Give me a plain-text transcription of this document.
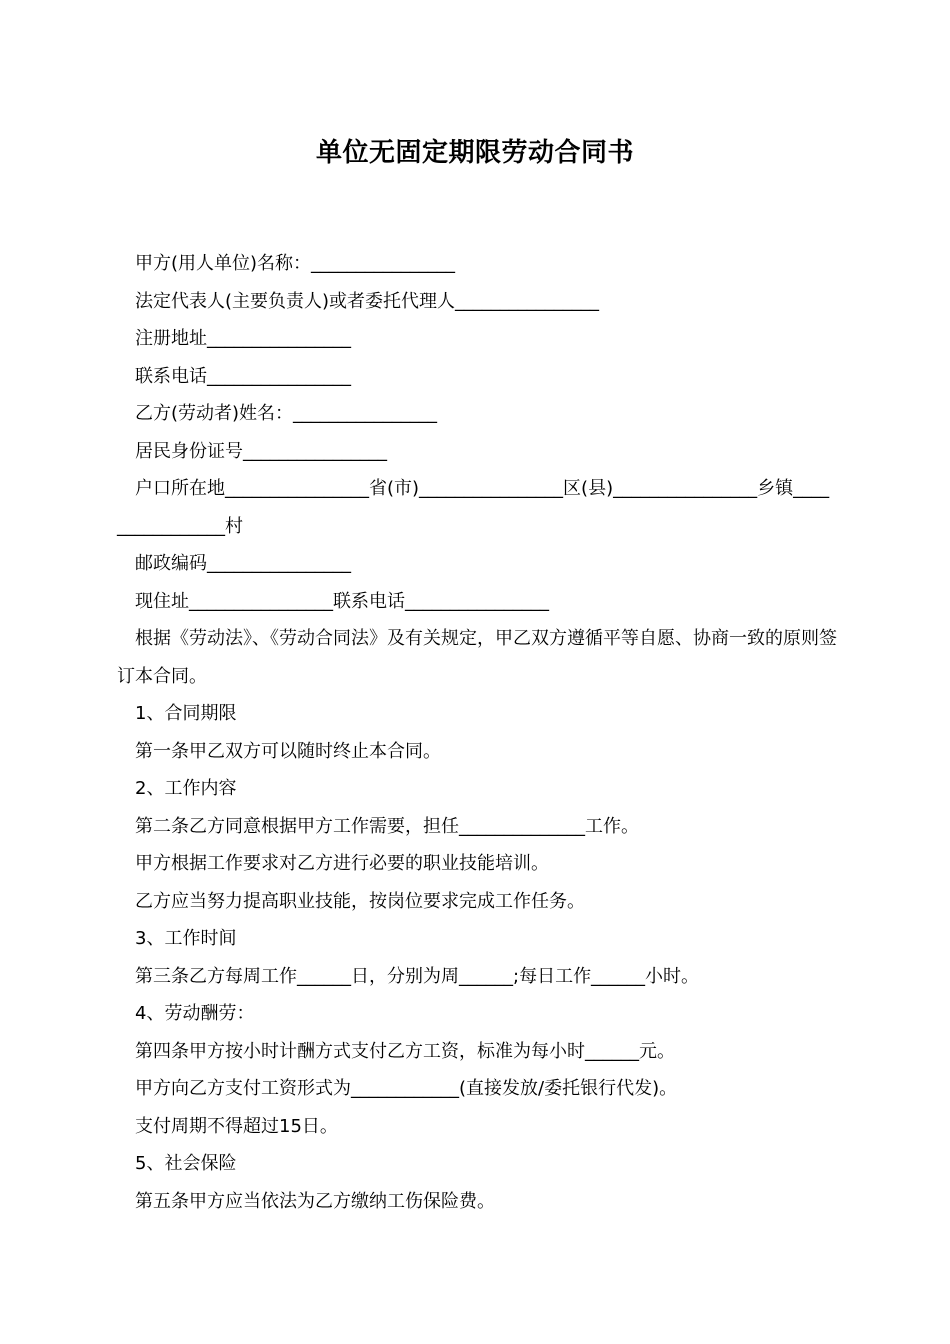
单位无固定期限劳动合同书

甲方(用人单位)名称：________________

法定代表人(主要负责人)或者委托代理人________________

注册地址________________

联系电话________________

乙方(劳动者)姓名：________________

居民身份证号________________

户口所在地________________省(市)________________区(县)________________乡镇________________村

邮政编码________________

现住址________________联系电话________________

根据《劳动法》、《劳动合同法》及有关规定，甲乙双方遵循平等自愿、协商一致的原则签订本合同。

1、合同期限

第一条甲乙双方可以随时终止本合同。

2、工作内容

第二条乙方同意根据甲方工作需要，担任______________工作。

甲方根据工作要求对乙方进行必要的职业技能培训。

乙方应当努力提高职业技能，按岗位要求完成工作任务。

3、工作时间

第三条乙方每周工作______日，分别为周______;每日工作______小时。

4、劳动酬劳：

第四条甲方按小时计酬方式支付乙方工资，标准为每小时______元。

甲方向乙方支付工资形式为____________(直接发放/委托银行代发)。

支付周期不得超过15日。

5、社会保险

第五条甲方应当依法为乙方缴纳工伤保险费。
